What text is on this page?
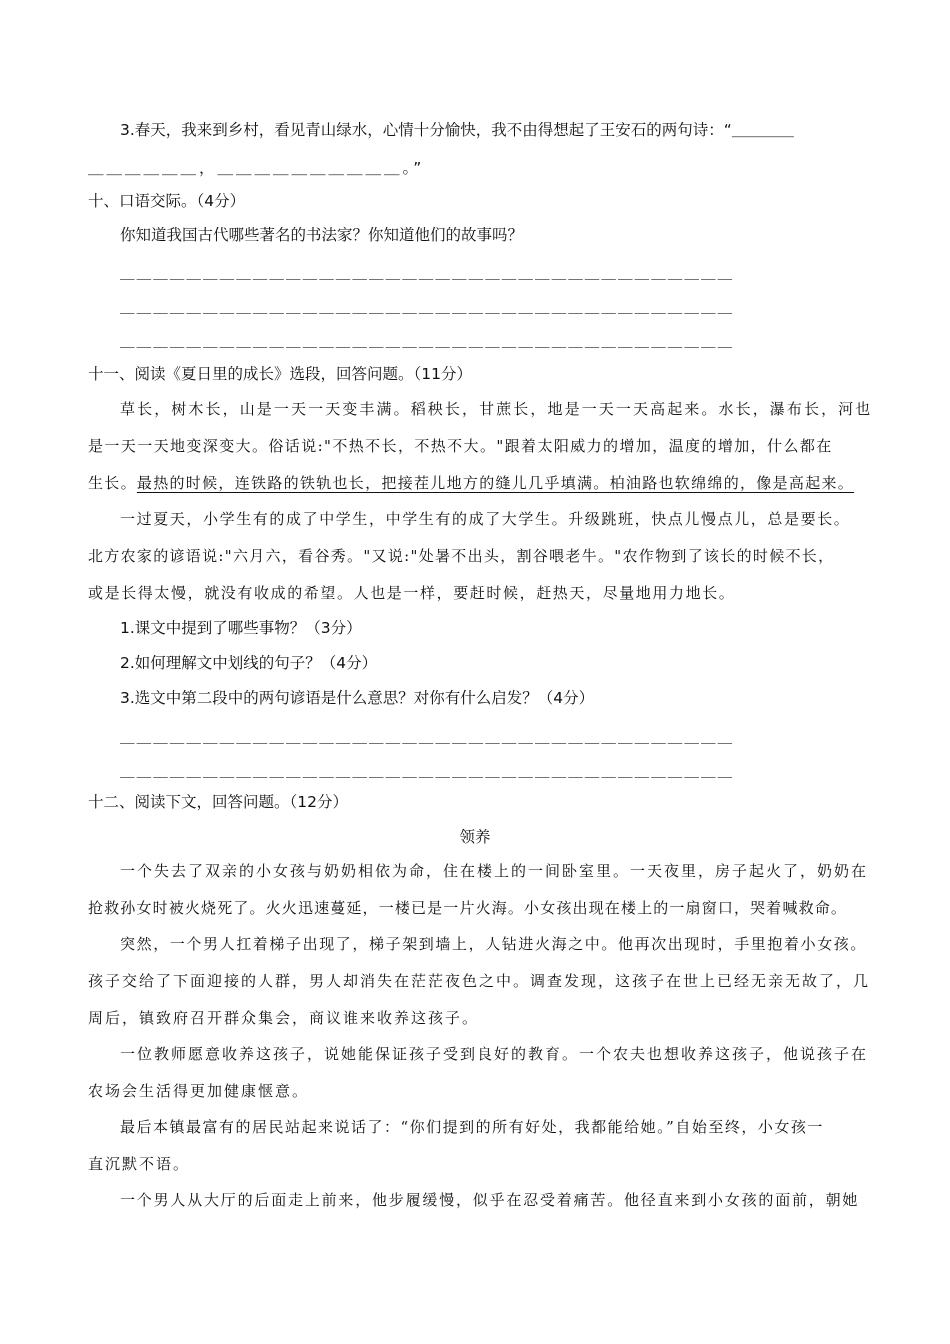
3.春天，我来到乡村，看见青山绿水，心情十分愉快，我不由得想起了王安石的两句诗：“＿＿＿＿
＿＿＿＿＿＿，＿＿＿＿＿＿＿＿＿＿。”
十、口语交际。（4分）
你知道我国古代哪些著名的书法家？你知道他们的故事吗？
＿＿＿＿＿＿＿＿＿＿＿＿＿＿＿＿＿＿＿＿＿＿＿＿＿＿＿＿＿＿＿＿＿＿＿＿＿
＿＿＿＿＿＿＿＿＿＿＿＿＿＿＿＿＿＿＿＿＿＿＿＿＿＿＿＿＿＿＿＿＿＿＿＿＿
＿＿＿＿＿＿＿＿＿＿＿＿＿＿＿＿＿＿＿＿＿＿＿＿＿＿＿＿＿＿＿＿＿＿＿＿＿
十一、阅读《夏日里的成长》选段，回答问题。（11分）
草长，树木长，山是一天一天变丰满。稻秧长，甘蔗长，地是一天一天高起来。水长，瀑布长，河也
是一天一天地变深变大。俗话说:"不热不长，不热不大。"跟着太阳威力的增加，温度的增加，什么都在
生长。最热的时候，连铁路的铁轨也长，把接茬儿地方的缝儿几乎填满。柏油路也软绵绵的，像是高起来。
一过夏天，小学生有的成了中学生，中学生有的成了大学生。升级跳班，快点儿慢点儿，总是要长。
北方农家的谚语说:"六月六，看谷秀。"又说:"处暑不出头，割谷喂老牛。"农作物到了该长的时候不长，
或是长得太慢，就没有收成的希望。人也是一样，要赶时候，赶热天，尽量地用力地长。
1.课文中提到了哪些事物？（3分）
2.如何理解文中划线的句子？（4分）
3.选文中第二段中的两句谚语是什么意思？对你有什么启发？（4分）
＿＿＿＿＿＿＿＿＿＿＿＿＿＿＿＿＿＿＿＿＿＿＿＿＿＿＿＿＿＿＿＿＿＿＿＿＿
＿＿＿＿＿＿＿＿＿＿＿＿＿＿＿＿＿＿＿＿＿＿＿＿＿＿＿＿＿＿＿＿＿＿＿＿＿
十二、阅读下文，回答问题。（12分）
领养
一个失去了双亲的小女孩与奶奶相依为命，住在楼上的一间卧室里。一天夜里，房子起火了，奶奶在
抢救孙女时被火烧死了。火火迅速蔓延，一楼已是一片火海。小女孩出现在楼上的一扇窗口，哭着喊救命。
突然，一个男人扛着梯子出现了，梯子架到墙上，人钻进火海之中。他再次出现时，手里抱着小女孩。
孩子交给了下面迎接的人群，男人却消失在茫茫夜色之中。调查发现，这孩子在世上已经无亲无故了，几
周后，镇致府召开群众集会，商议谁来收养这孩子。
一位教师愿意收养这孩子，说她能保证孩子受到良好的教育。一个农夫也想收养这孩子，他说孩子在
农场会生活得更加健康惬意。
最后本镇最富有的居民站起来说话了：“你们提到的所有好处，我都能给她。”自始至终，小女孩一
直沉默不语。
一个男人从大厅的后面走上前来，他步履缓慢，似乎在忍受着痛苦。他径直来到小女孩的面前，朝她
